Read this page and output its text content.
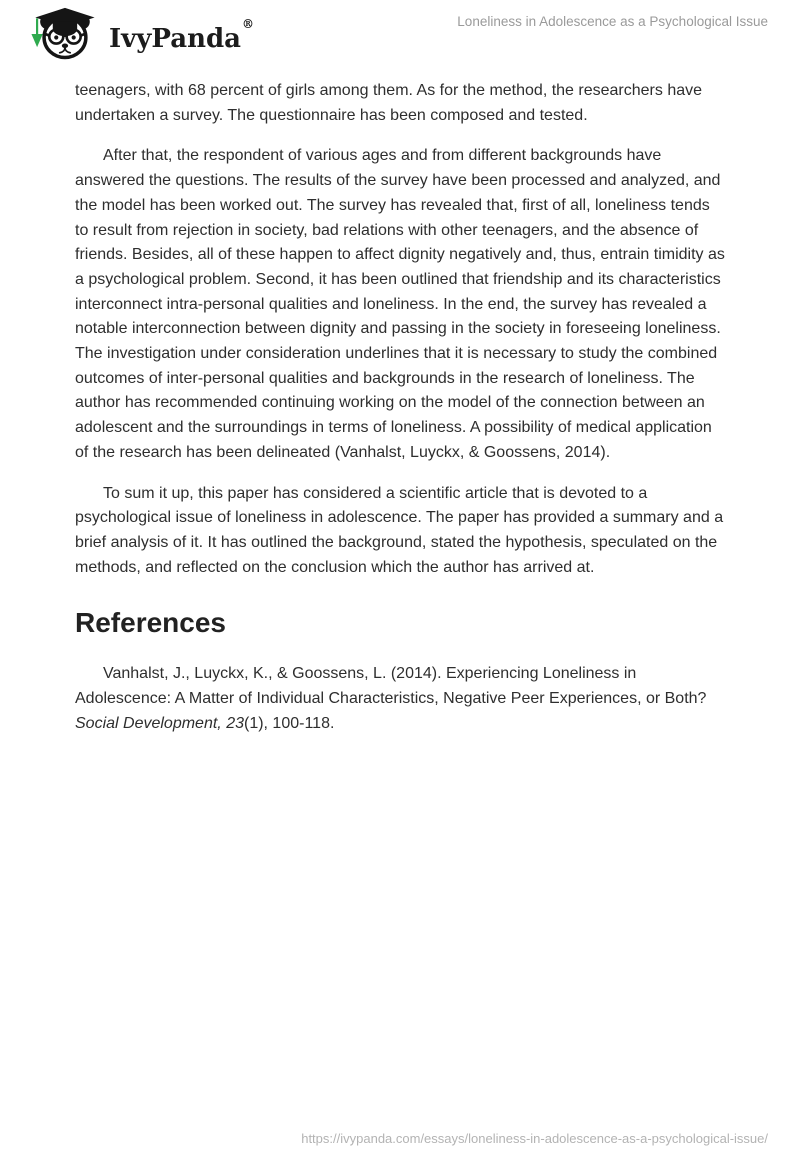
IvyPanda®	Loneliness in Adolescence as a Psychological Issue

teenagers, with 68 percent of girls among them. As for the method, the researchers have undertaken a survey. The questionnaire has been composed and tested.

After that, the respondent of various ages and from different backgrounds have answered the questions. The results of the survey have been processed and analyzed, and the model has been worked out. The survey has revealed that, first of all, loneliness tends to result from rejection in society, bad relations with other teenagers, and the absence of friends. Besides, all of these happen to affect dignity negatively and, thus, entrain timidity as a psychological problem. Second, it has been outlined that friendship and its characteristics interconnect intra-personal qualities and loneliness. In the end, the survey has revealed a notable interconnection between dignity and passing in the society in foreseeing loneliness. The investigation under consideration underlines that it is necessary to study the combined outcomes of inter-personal qualities and backgrounds in the research of loneliness. The author has recommended continuing working on the model of the connection between an adolescent and the surroundings in terms of loneliness. A possibility of medical application of the research has been delineated (Vanhalst, Luyckx, & Goossens, 2014).

To sum it up, this paper has considered a scientific article that is devoted to a psychological issue of loneliness in adolescence. The paper has provided a summary and a brief analysis of it. It has outlined the background, stated the hypothesis, speculated on the methods, and reflected on the conclusion which the author has arrived at.

References

Vanhalst, J., Luyckx, K., & Goossens, L. (2014). Experiencing Loneliness in Adolescence: A Matter of Individual Characteristics, Negative Peer Experiences, or Both? Social Development, 23(1), 100-118.

https://ivypanda.com/essays/loneliness-in-adolescence-as-a-psychological-issue/
